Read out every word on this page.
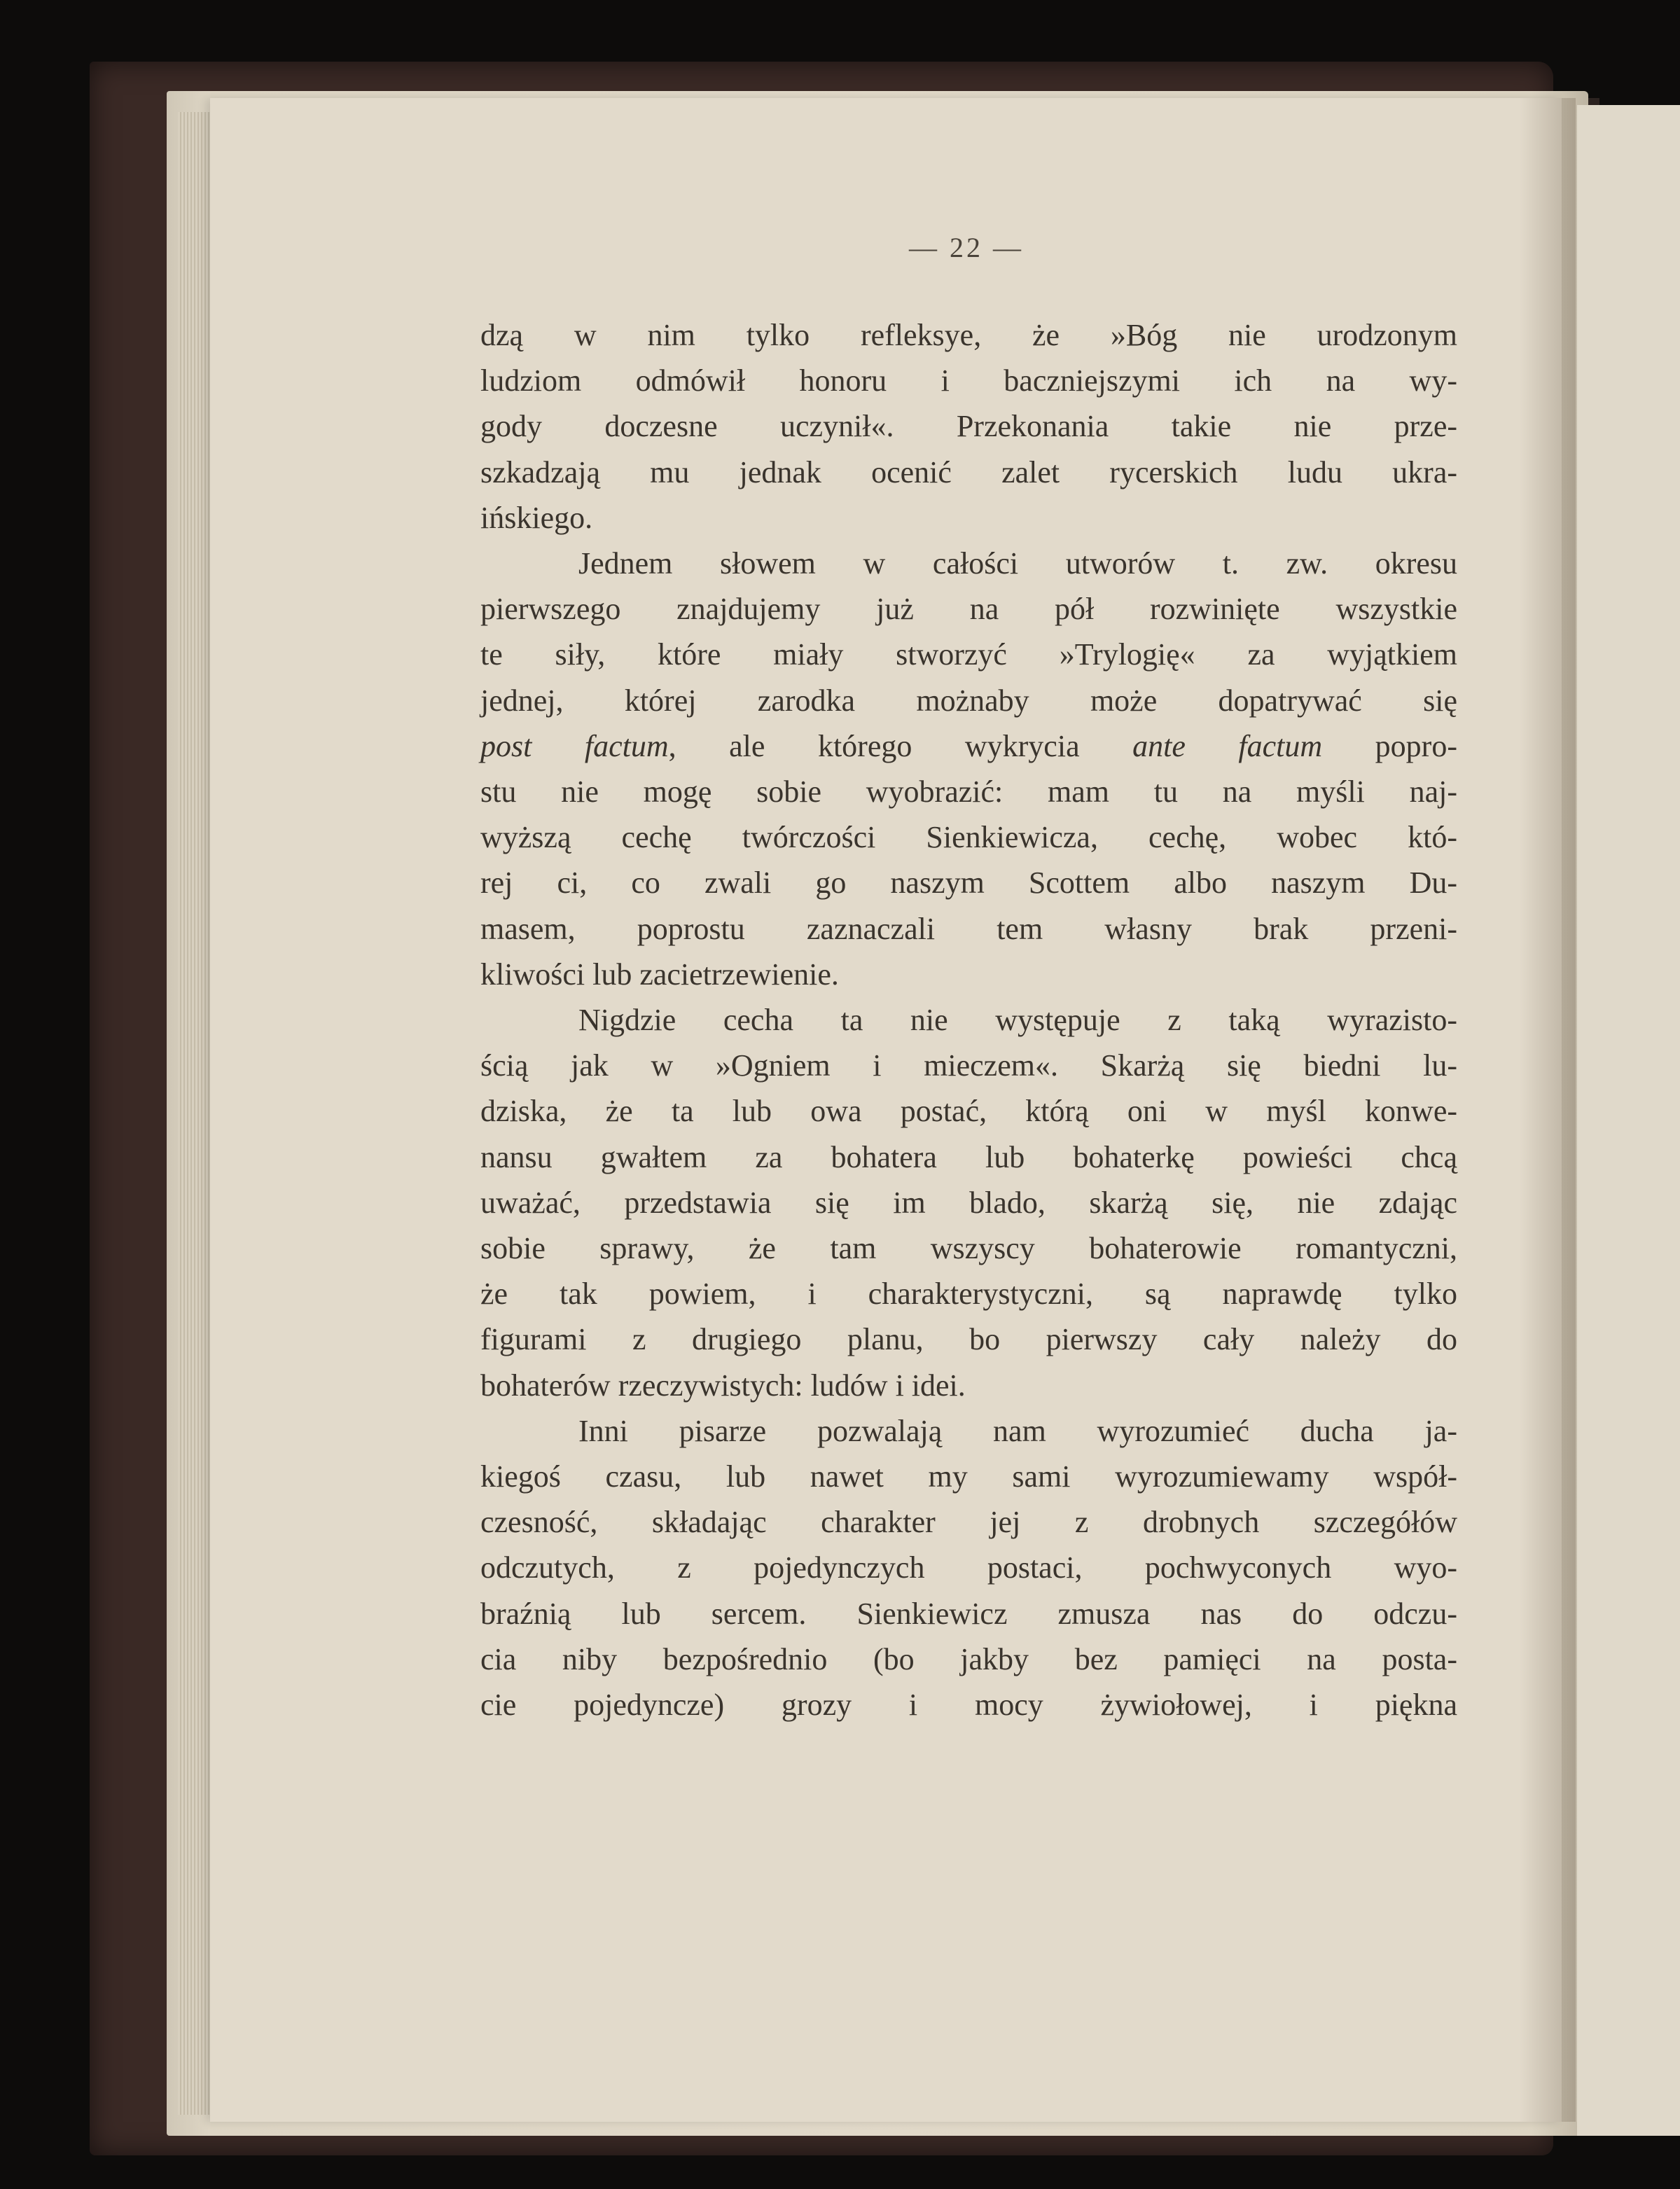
— 22 —
dzą w nim tylko refleksye, że »Bóg nie urodzonym
ludziom odmówił honoru i baczniejszymi ich na wy-
gody doczesne uczynił«. Przekonania takie nie prze-
szkadzają mu jednak ocenić zalet rycerskich ludu ukra-
ińskiego.
Jednem słowem w całości utworów t. zw. okresu
pierwszego znajdujemy już na pół rozwinięte wszystkie
te siły, które miały stworzyć »Trylogię« za wyjątkiem
jednej, której zarodka możnaby może dopatrywać się
post factum, ale którego wykrycia ante factum popro-
stu nie mogę sobie wyobrazić: mam tu na myśli naj-
wyższą cechę twórczości Sienkiewicza, cechę, wobec któ-
rej ci, co zwali go naszym Scottem albo naszym Du-
masem, poprostu zaznaczali tem własny brak przeni-
kliwości lub zacietrzewienie.
Nigdzie cecha ta nie występuje z taką wyrazisto-
ścią jak w »Ogniem i mieczem«. Skarżą się biedni lu-
dziska, że ta lub owa postać, którą oni w myśl konwe-
nansu gwałtem za bohatera lub bohaterkę powieści chcą
uważać, przedstawia się im blado, skarżą się, nie zdając
sobie sprawy, że tam wszyscy bohaterowie romantyczni,
że tak powiem, i charakterystyczni, są naprawdę tylko
figurami z drugiego planu, bo pierwszy cały należy do
bohaterów rzeczywistych: ludów i idei.
Inni pisarze pozwalają nam wyrozumieć ducha ja-
kiegoś czasu, lub nawet my sami wyrozumiewamy współ-
czesność, składając charakter jej z drobnych szczegółów
odczutych, z pojedynczych postaci, pochwyconych wyo-
braźnią lub sercem. Sienkiewicz zmusza nas do odczu-
cia niby bezpośrednio (bo jakby bez pamięci na posta-
cie pojedyncze) grozy i mocy żywiołowej, i piękna
